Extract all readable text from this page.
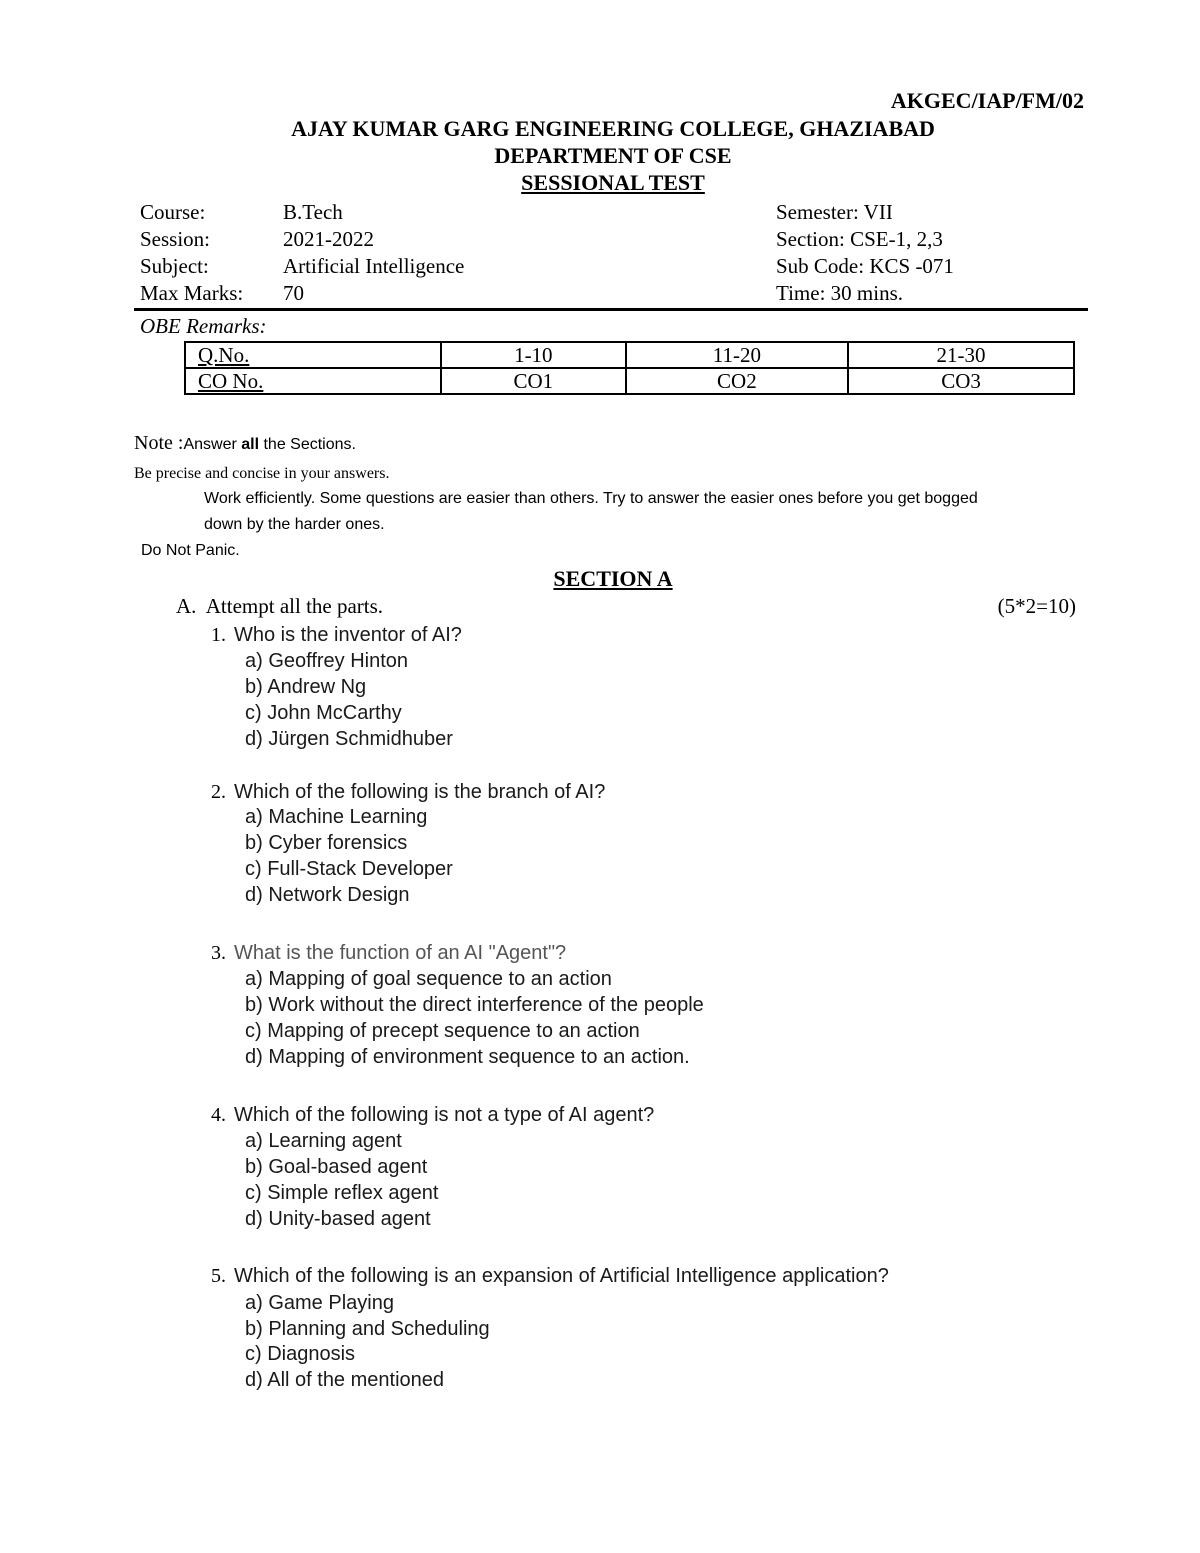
AKGEC/IAP/FM/02
AJAY KUMAR GARG ENGINEERING COLLEGE, GHAZIABAD
DEPARTMENT OF CSE
SESSIONAL TEST
Course:	B.Tech	Semester: VII
Session:	2021-2022	Section: CSE-1, 2,3
Subject:	Artificial Intelligence	Sub Code: KCS -071
Max Marks: 70	Time: 30 mins.
OBE Remarks:
Q.No.	1-10	11-20	21-30
CO No.	CO1	CO2	CO3
Note :Answer all the Sections.
Be precise and concise in your answers.
Work efficiently. Some questions are easier than others. Try to answer the easier ones before you get bogged
down by the harder ones.
Do Not Panic.
SECTION A
A. Attempt all the parts.	(5*2=10)
1. Who is the inventor of AI?
a) Geoffrey Hinton
b) Andrew Ng
c) John McCarthy
d) Jürgen Schmidhuber
2. Which of the following is the branch of AI?
a) Machine Learning
b) Cyber forensics
c) Full-Stack Developer
d) Network Design
3. What is the function of an AI "Agent"?
a) Mapping of goal sequence to an action
b) Work without the direct interference of the people
c) Mapping of precept sequence to an action
d) Mapping of environment sequence to an action.
4. Which of the following is not a type of AI agent?
a) Learning agent
b) Goal-based agent
c) Simple reflex agent
d) Unity-based agent
5. Which of the following is an expansion of Artificial Intelligence application?
a) Game Playing
b) Planning and Scheduling
c) Diagnosis
d) All of the mentioned
